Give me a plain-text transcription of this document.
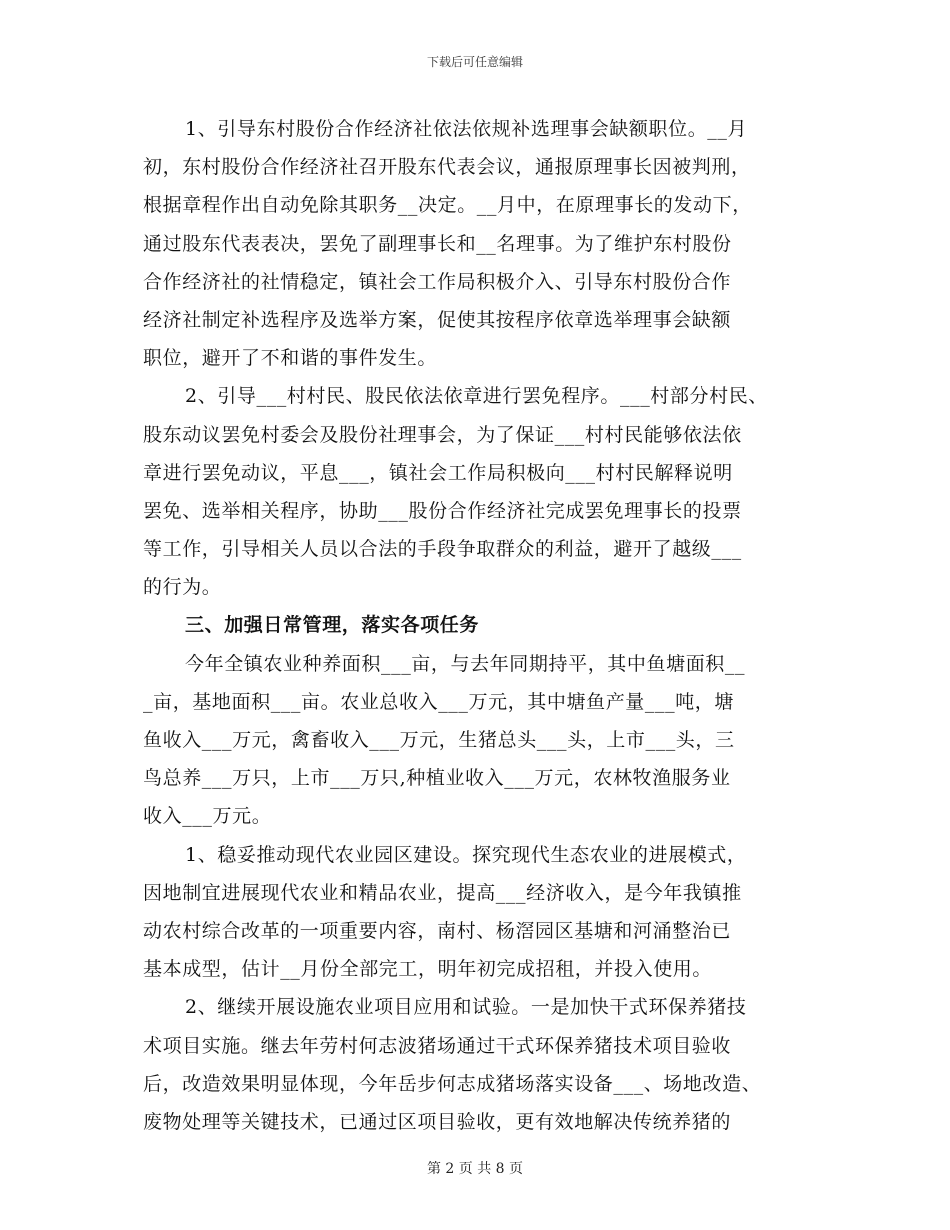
下载后可任意编辑
1、引导东村股份合作经济社依法依规补选理事会缺额职位。__月
初，东村股份合作经济社召开股东代表会议，通报原理事长因被判刑，
根据章程作出自动免除其职务__决定。__月中，在原理事长的发动下，
通过股东代表表决，罢免了副理事长和__名理事。为了维护东村股份
合作经济社的社情稳定，镇社会工作局积极介入、引导东村股份合作
经济社制定补选程序及选举方案，促使其按程序依章选举理事会缺额
职位，避开了不和谐的事件发生。
2、引导___村村民、股民依法依章进行罢免程序。___村部分村民、
股东动议罢免村委会及股份社理事会，为了保证___村村民能够依法依
章进行罢免动议，平息___，镇社会工作局积极向___村村民解释说明
罢免、选举相关程序，协助___股份合作经济社完成罢免理事长的投票
等工作，引导相关人员以合法的手段争取群众的利益，避开了越级___
的行为。
三、加强日常管理，落实各项任务
今年全镇农业种养面积___亩，与去年同期持平，其中鱼塘面积__
_亩，基地面积___亩。农业总收入___万元，其中塘鱼产量___吨，塘
鱼收入___万元，禽畜收入___万元，生猪总头___头，上市___头，三
鸟总养___万只，上市___万只,种植业收入___万元，农林牧渔服务业
收入___万元。
1、稳妥推动现代农业园区建设。探究现代生态农业的进展模式，
因地制宜进展现代农业和精品农业，提高___经济收入，是今年我镇推
动农村综合改革的一项重要内容，南村、杨滘园区基塘和河涌整治已
基本成型，估计__月份全部完工，明年初完成招租，并投入使用。
2、继续开展设施农业项目应用和试验。一是加快干式环保养猪技
术项目实施。继去年劳村何志波猪场通过干式环保养猪技术项目验收
后，改造效果明显体现，今年岳步何志成猪场落实设备___、场地改造、
废物处理等关键技术，已通过区项目验收，更有效地解决传统养猪的
第 2 页 共 8 页
